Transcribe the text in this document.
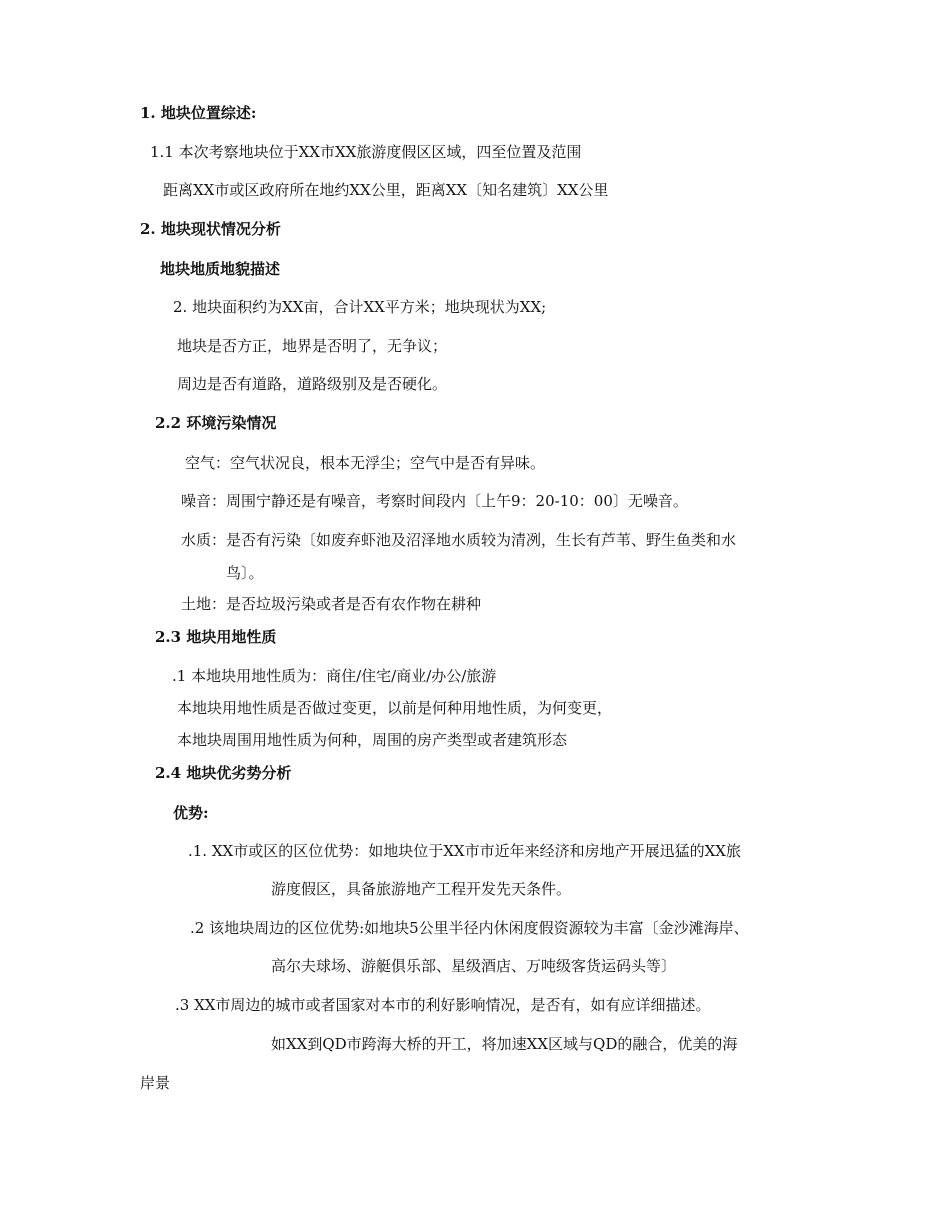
1. 地块位置综述:

1.1 本次考察地块位于XX市XX旅游度假区区域，四至位置及范围

距离XX市或区政府所在地约XX公里，距离XX〔知名建筑〕XX公里

2. 地块现状情况分析

地块地质地貌描述

2. 地块面积约为XX亩，合计XX平方米；地块现状为XX;

地块是否方正，地界是否明了，无争议；

周边是否有道路，道路级别及是否硬化。

2.2 环境污染情况

空气：空气状况良，根本无浮尘；空气中是否有异味。

噪音：周围宁静还是有噪音，考察时间段内〔上午9：20-10：00〕无噪音。

水质：是否有污染〔如废弃虾池及沼泽地水质较为清冽，生长有芦苇、野生鱼类和水

鸟〕。

土地：是否垃圾污染或者是否有农作物在耕种

2.3 地块用地性质

.1 本地块用地性质为：商住/住宅/商业/办公/旅游

本地块用地性质是否做过变更，以前是何种用地性质，为何变更，

本地块周围用地性质为何种，周围的房产类型或者建筑形态

2.4 地块优劣势分析

优势:

.1. XX市或区的区位优势：如地块位于XX市市近年来经济和房地产开展迅猛的XX旅

游度假区，具备旅游地产工程开发先天条件。

.2 该地块周边的区位优势:如地块5公里半径内休闲度假资源较为丰富〔金沙滩海岸、

高尔夫球场、游艇俱乐部、星级酒店、万吨级客货运码头等〕

.3 XX市周边的城市或者国家对本市的利好影响情况，是否有，如有应详细描述。

如XX到QD市跨海大桥的开工，将加速XX区域与QD的融合，优美的海

岸景
